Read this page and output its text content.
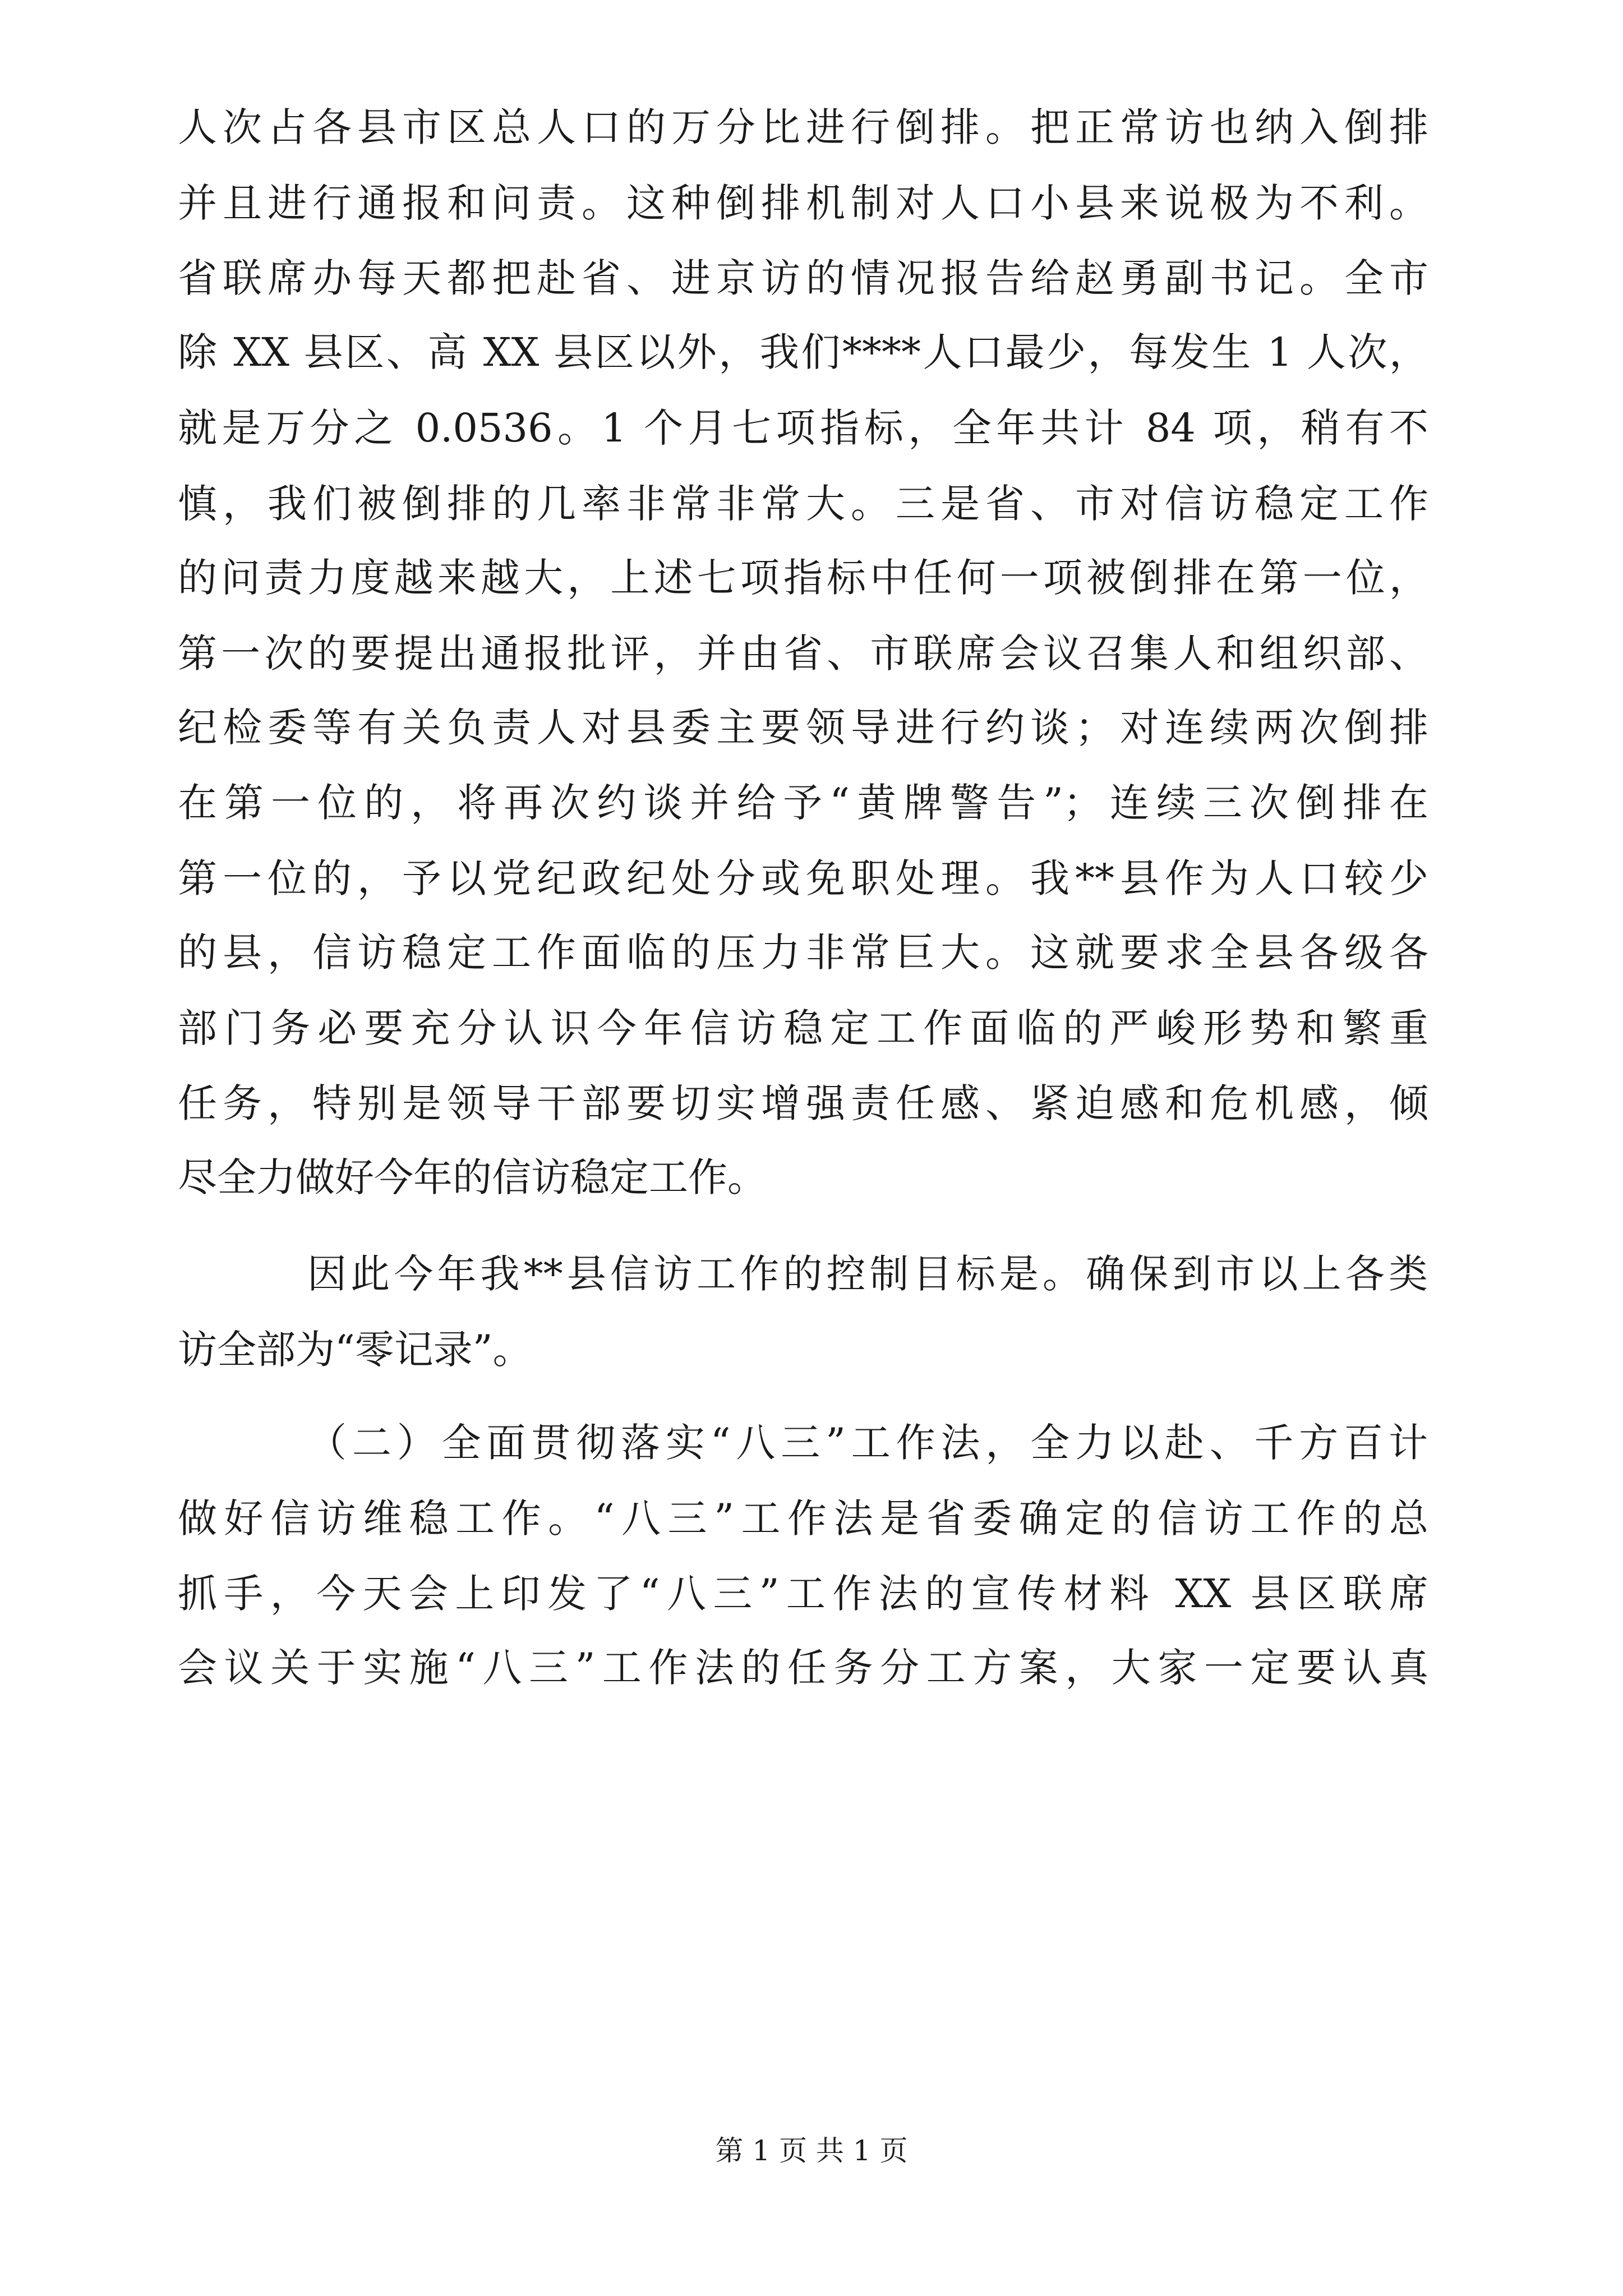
人次占各县市区总人口的万分比进行倒排。把正常访也纳入倒排
并且进行通报和问责。这种倒排机制对人口小县来说极为不利。
省联席办每天都把赴省、进京访的情况报告给赵勇副书记。全市
除 XX 县区、高 XX 县区以外，我们****人口最少，每发生 1 人次，
就是万分之 0.0536。1 个月七项指标，全年共计 84 项，稍有不
慎，我们被倒排的几率非常非常大。三是省、市对信访稳定工作
的问责力度越来越大，上述七项指标中任何一项被倒排在第一位，
第一次的要提出通报批评，并由省、市联席会议召集人和组织部、
纪检委等有关负责人对县委主要领导进行约谈；对连续两次倒排
在第一位的，将再次约谈并给予“黄牌警告”；连续三次倒排在
第一位的，予以党纪政纪处分或免职处理。我**县作为人口较少
的县，信访稳定工作面临的压力非常巨大。这就要求全县各级各
部门务必要充分认识今年信访稳定工作面临的严峻形势和繁重
任务，特别是领导干部要切实增强责任感、紧迫感和危机感，倾
尽全力做好今年的信访稳定工作。
因此今年我**县信访工作的控制目标是。确保到市以上各类
访全部为“零记录”。
（二）全面贯彻落实“八三”工作法，全力以赴、千方百计
做好信访维稳工作。“八三”工作法是省委确定的信访工作的总
抓手，今天会上印发了“八三”工作法的宣传材料 XX 县区联席
会议关于实施“八三”工作法的任务分工方案，大家一定要认真
第 1 页 共 1 页
